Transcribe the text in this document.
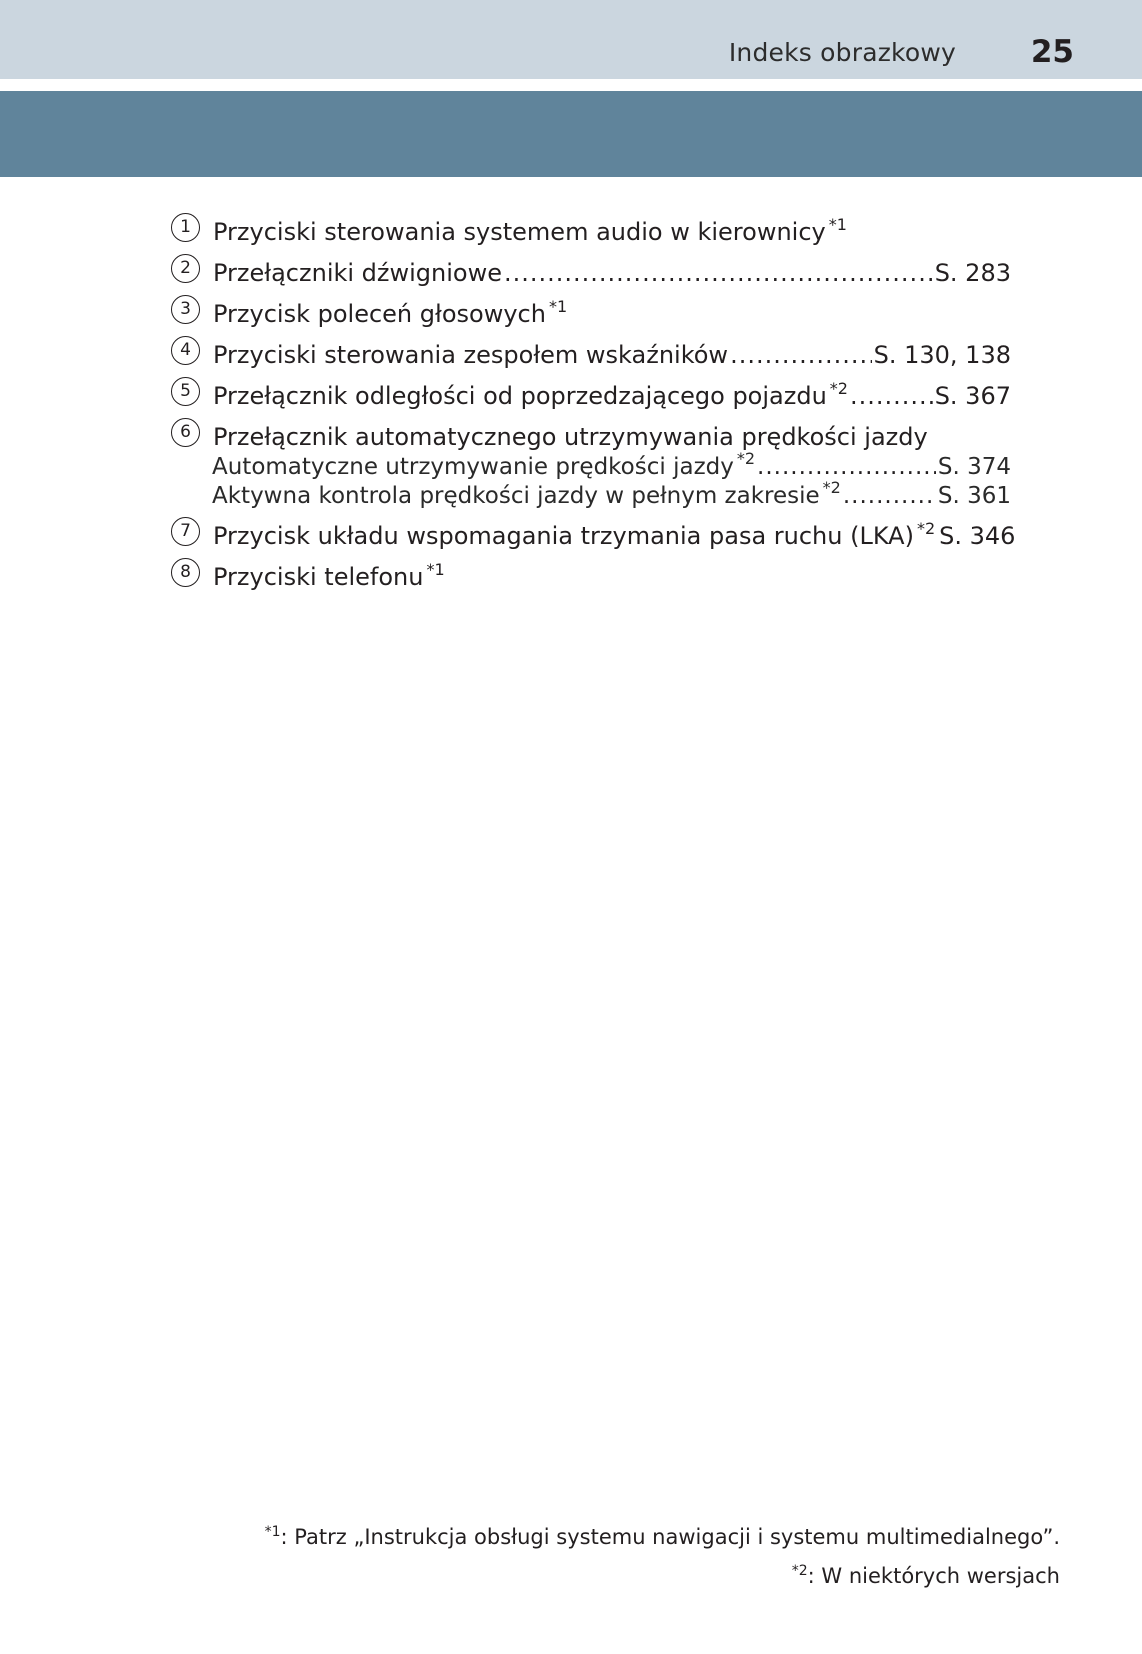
Indeks obrazkowy 25
1 Przyciski sterowania systemem audio w kierownicy $^{*1}$
2 Przełączniki dźwigniowe .....	S. 283
3 Przycisk poleceń głosowych $^{*1}$
4 Przyciski sterowania zespołem wskaźników .....	S. 130, 138
5 Przełącznik odległości od poprzedzającego pojazdu $^{*2}$ .....	S. 367
6 Przełącznik automatycznego utrzymywania prędkości jazdy
Automatyczne utrzymywanie prędkości jazdy $^{*2}$ .....	S. 374
Aktywna kontrola prędkości jazdy w pełnym zakresie $^{*2}$ .....	S. 361
7 Przycisk układu wspomagania trzymania pasa ruchu (LKA) $^{*2}$ S. 346
8 Przyciski telefonu $^{*1}$
$^{*1}$: Patrz „Instrukcja obsługi systemu nawigacji i systemu multimedialnego”.
$^{*2}$: W niektórych wersjach
